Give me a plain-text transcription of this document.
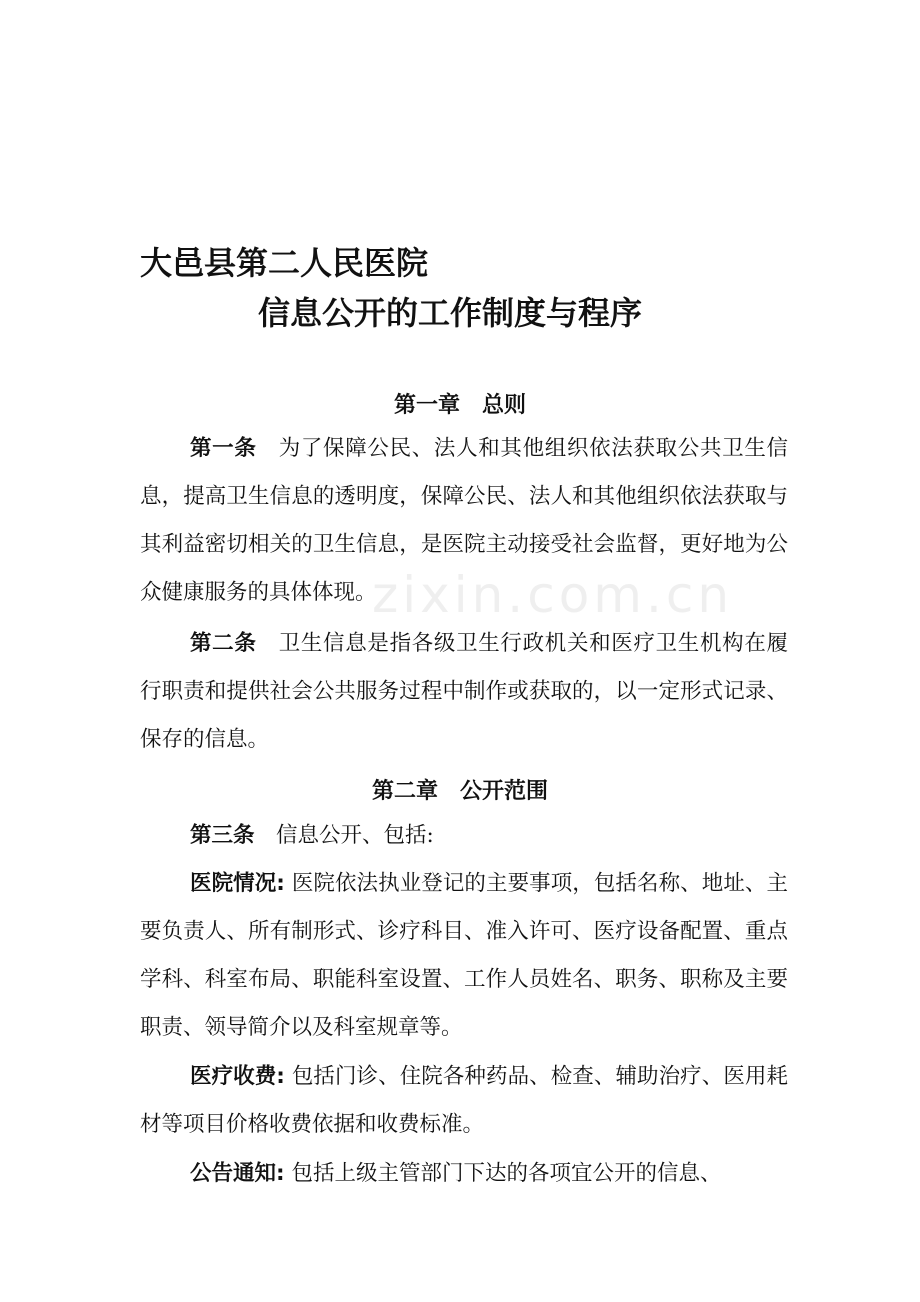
大邑县第二人民医院
信息公开的工作制度与程序
第一章　总则
第一条　为了保障公民、法人和其他组织依法获取公共卫生信息，提高卫生信息的透明度，保障公民、法人和其他组织依法获取与其利益密切相关的卫生信息，是医院主动接受社会监督，更好地为公众健康服务的具体体现。
第二条　卫生信息是指各级卫生行政机关和医疗卫生机构在履行职责和提供社会公共服务过程中制作或获取的，以一定形式记录、保存的信息。
第二章　公开范围
第三条　信息公开、包括:
医院情况: 医院依法执业登记的主要事项，包括名称、地址、主要负责人、所有制形式、诊疗科目、准入许可、医疗设备配置、重点学科、科室布局、职能科室设置、工作人员姓名、职务、职称及主要职责、领导简介以及科室规章等。
医疗收费: 包括门诊、住院各种药品、检查、辅助治疗、医用耗材等项目价格收费依据和收费标准。
公告通知: 包括上级主管部门下达的各项宜公开的信息、
zixin.com.cn
